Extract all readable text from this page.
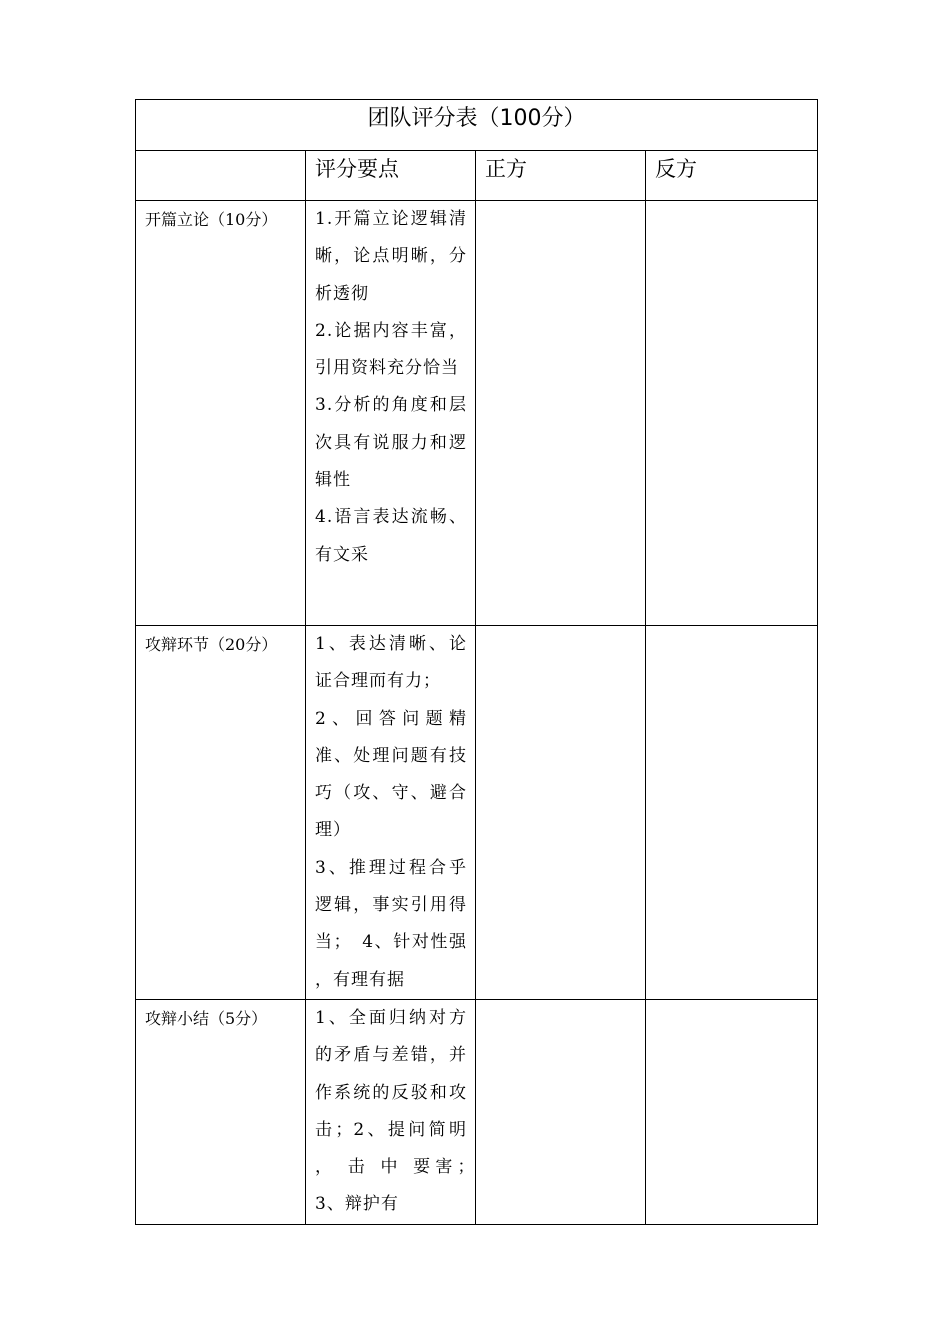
团队评分表（100分）			
	评分要点	正方	反方
开篇立论（10分）	1.开篇立论逻辑清晰，论点明晰，分析透彻
2.论据内容丰富，引用资料充分恰当
3.分析的角度和层次具有说服力和逻辑性
4.语言表达流畅、有文采		

攻辩环节（20分）	1、表达清晰、论证合理而有力；
2、回答问题精准、处理问题有技巧（攻、守、避合理）
3、推理过程合乎逻辑，事实引用得当；　4、针对性强 ，有理有据		

攻辩小结（5分）	1、全面归纳对方的矛盾与差错，并作系统的反驳和攻击；2、提问简明 ， 击 中 要害；　3、辩护有		
